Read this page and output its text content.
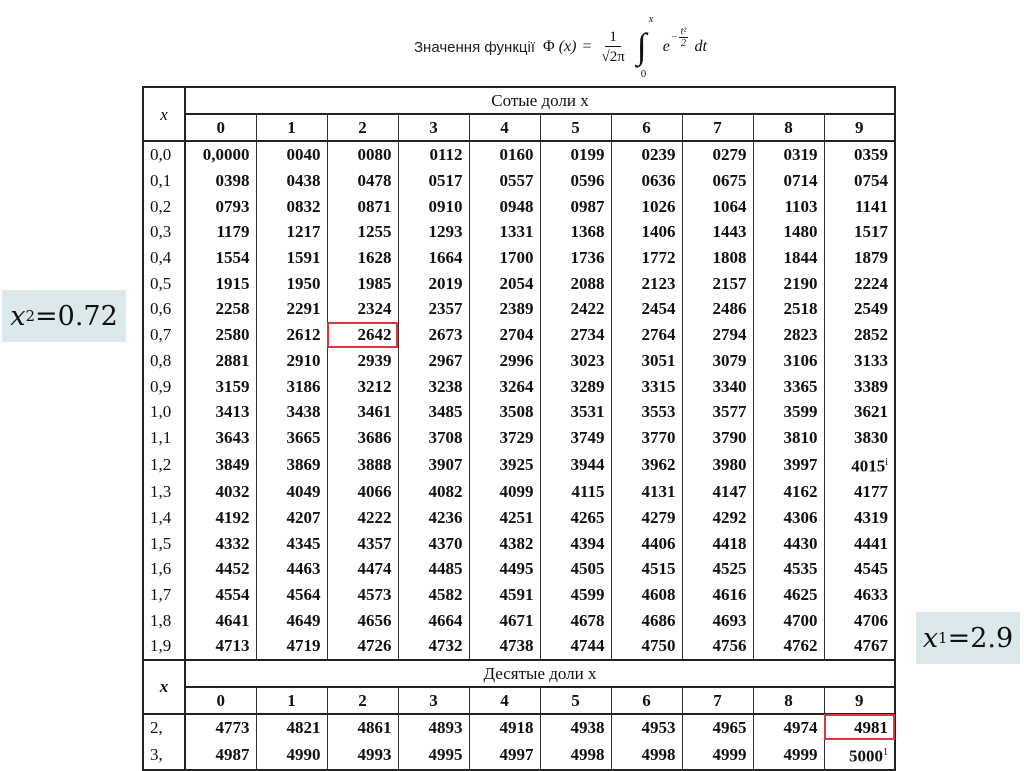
Значення функції Φ $(x) = \frac{1}{√2\pi}$ ∫
x
0
e
− $\frac{\text{t²}}{2}$ dt
x 2 = 0.72
x 1 = 2.9
x	Сотые доли x									
	0	1	2	3	4	5	6	7	8	9
0,0	0,0000	0040	0080	0112	0160	0199	0239	0279	0319	0359
0,1	0398	0438	0478	0517	0557	0596	0636	0675	0714	0754
0,2	0793	0832	0871	0910	0948	0987	1026	1064	1103	1141
0,3	1179	1217	1255	1293	1331	1368	1406	1443	1480	1517
0,4	1554	1591	1628	1664	1700	1736	1772	1808	1844	1879
0,5	1915	1950	1985	2019	2054	2088	2123	2157	2190	2224
0,6	2258	2291	2324	2357	2389	2422	2454	2486	2518	2549
0,7	2580	2612	2642	2673	2704	2734	2764	2794	2823	2852
0,8	2881	2910	2939	2967	2996	3023	3051	3079	3106	3133
0,9	3159	3186	3212	3238	3264	3289	3315	3340	3365	3389
1,0	3413	3438	3461	3485	3508	3531	3553	3577	3599	3621
1,1	3643	3665	3686	3708	3729	3749	3770	3790	3810	3830
1,2	3849	3869	3888	3907	3925	3944	3962	3980	3997	4015$^i$
1,3	4032	4049	4066	4082	4099	4115	4131	4147	4162	4177
1,4	4192	4207	4222	4236	4251	4265	4279	4292	4306	4319
1,5	4332	4345	4357	4370	4382	4394	4406	4418	4430	4441
1,6	4452	4463	4474	4485	4495	4505	4515	4525	4535	4545
1,7	4554	4564	4573	4582	4591	4599	4608	4616	4625	4633
1,8	4641	4649	4656	4664	4671	4678	4686	4693	4700	4706
1,9	4713	4719	4726	4732	4738	4744	4750	4756	4762	4767
x	Десятые доли x									
	0	1	2	3	4	5	6	7	8	9
2,	4773	4821	4861	4893	4918	4938	4953	4965	4974	4981
3,	4987	4990	4993	4995	4997	4998	4998	4999	4999	5000$^1$
